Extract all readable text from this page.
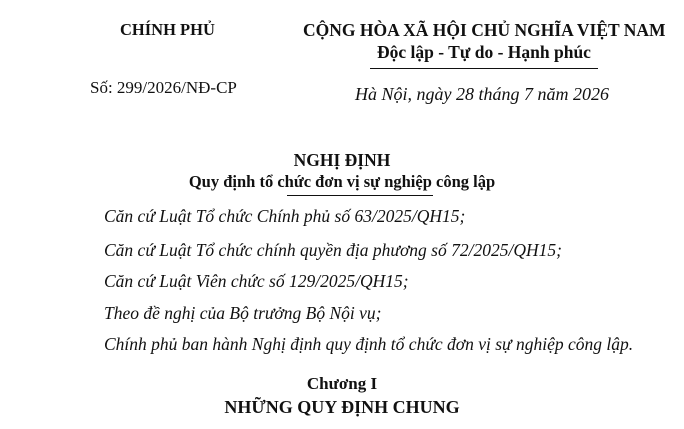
CHÍNH PHỦ	CỘNG HÒA XÃ HỘI CHỦ NGHĨA VIỆT NAM
Độc lập - Tự do - Hạnh phúc
Số: 299/2026/NĐ-CP	Hà Nội, ngày 28 tháng 7 năm 2026
NGHỊ ĐỊNH
Quy định tổ chức đơn vị sự nghiệp công lập
Căn cứ Luật Tổ chức Chính phủ số 63/2025/QH15;
Căn cứ Luật Tổ chức chính quyền địa phương số 72/2025/QH15;
Căn cứ Luật Viên chức số 129/2025/QH15;
Theo đề nghị của Bộ trưởng Bộ Nội vụ;
Chính phủ ban hành Nghị định quy định tổ chức đơn vị sự nghiệp công lập.
Chương I
NHỮNG QUY ĐỊNH CHUNG
